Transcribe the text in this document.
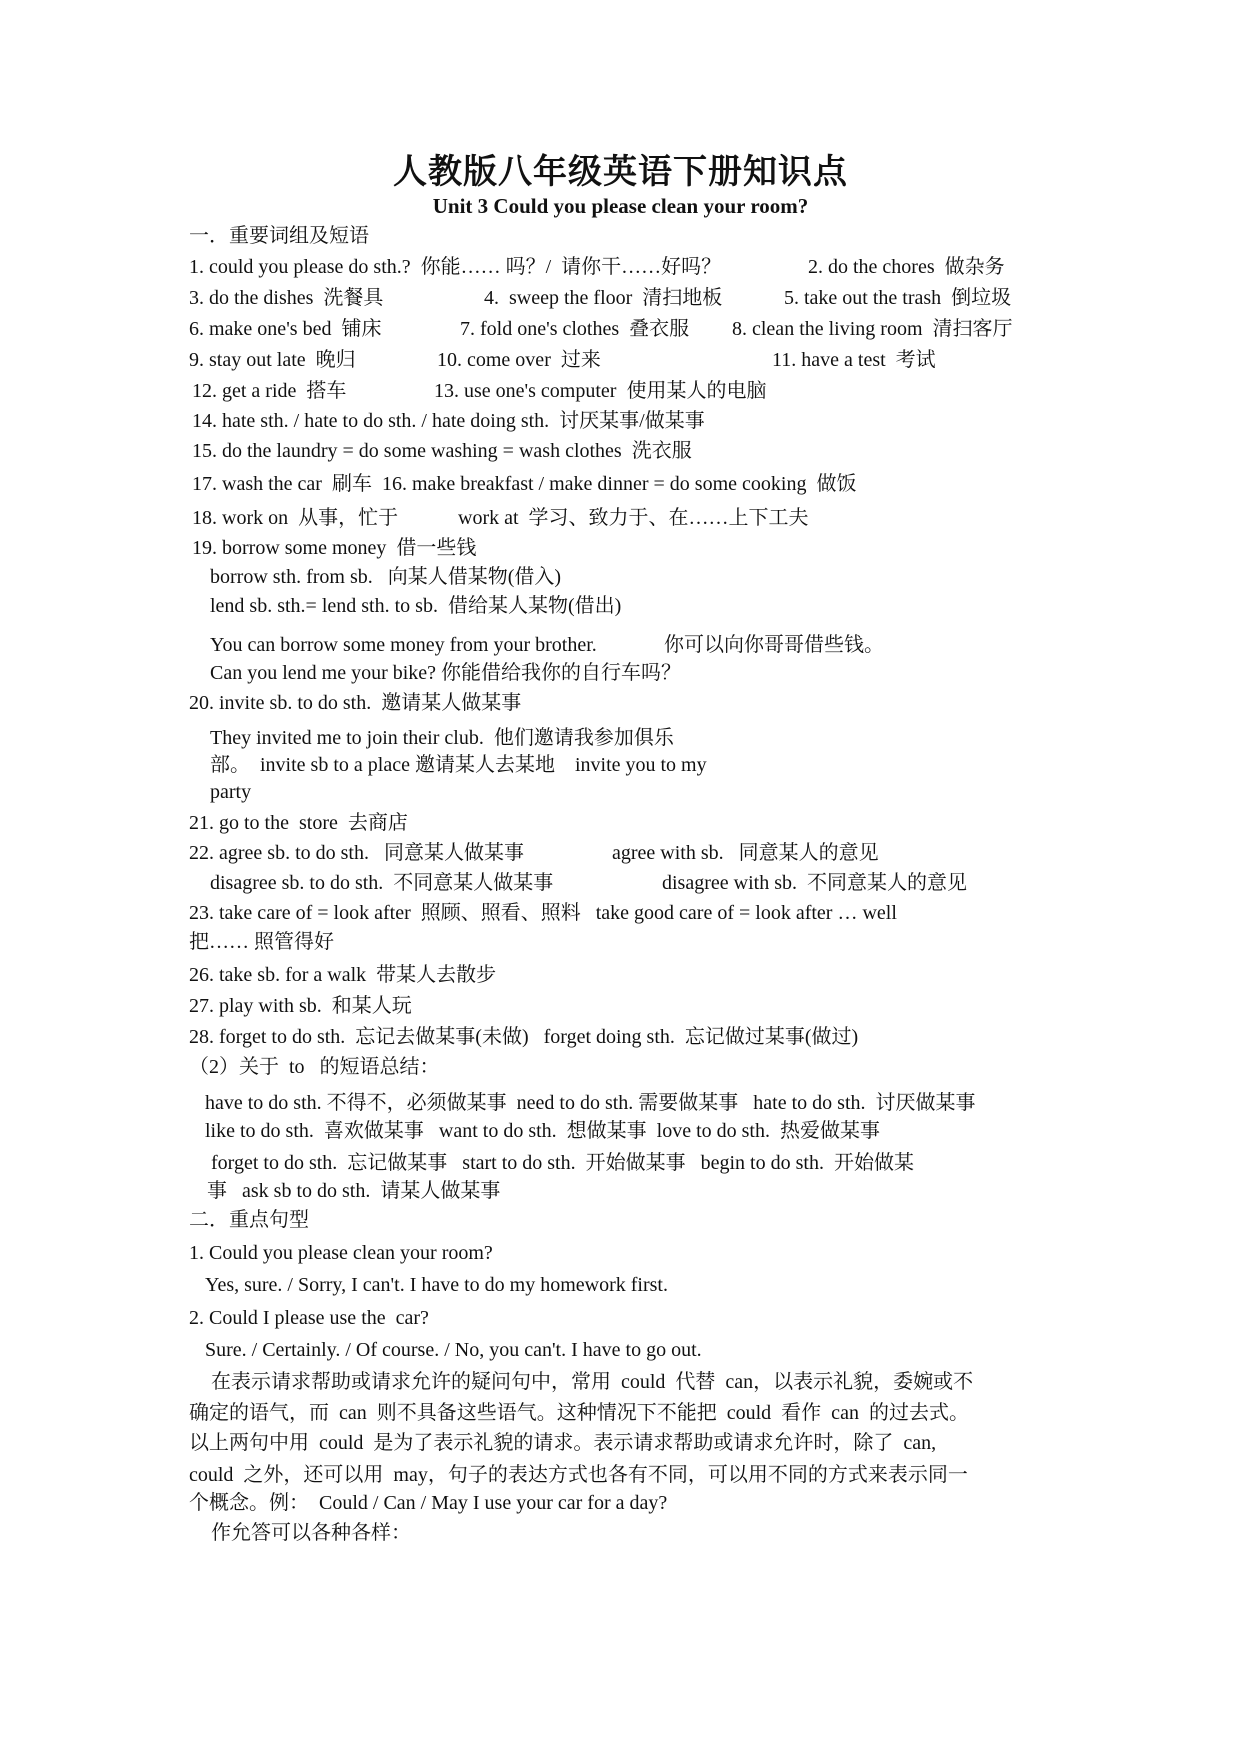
人教版八年级英语下册知识点
Unit 3 Could you please clean your room?
一．重要词组及短语
1. could you please do sth.?  你能…… 吗？/  请你干……好吗？	2. do the chores  做杂务
3. do the dishes  洗餐具	4.  sweep the floor  清扫地板	5. take out the trash  倒垃圾
6. make one's bed  铺床	7. fold one's clothes  叠衣服 8. clean the living room  清扫客厅
9. stay out late  晚归	10. come over  过来	11. have a test  考试
12. get a ride  搭车	13. use one's computer  使用某人的电脑
14. hate sth. / hate to do sth. / hate doing sth.  讨厌某事/做某事
15. do the laundry = do some washing = wash clothes  洗衣服
17. wash the car  刷车  16. make breakfast / make dinner = do some cooking  做饭
18. work on  从事，忙于	work at  学习、致力于、在……上下工夫
19. borrow some money  借一些钱
borrow sth. from sb.   向某人借某物(借入)
lend sb. sth.= lend sth. to sb.  借给某人某物(借出)
You can borrow some money from your brother.	你可以向你哥哥借些钱。
Can you lend me your bike? 你能借给我你的自行车吗？
20. invite sb. to do sth.  邀请某人做某事
They invited me to join their club.  他们邀请我参加俱乐
部。  invite sb to a place 邀请某人去某地    invite you to my
party
21. go to the  store  去商店
22. agree sb. to do sth.   同意某人做某事	agree with sb.   同意某人的意见
disagree sb. to do sth.  不同意某人做某事	disagree with sb.  不同意某人的意见
23. take care of = look after  照顾、照看、照料   take good care of = look after … well
把…… 照管得好
26. take sb. for a walk  带某人去散步
27. play with sb.  和某人玩
28. forget to do sth.  忘记去做某事(未做)   forget doing sth.  忘记做过某事(做过)
（2）关于  to   的短语总结：
have to do sth. 不得不，必须做某事  need to do sth. 需要做某事   hate to do sth.  讨厌做某事
like to do sth.  喜欢做某事   want to do sth.  想做某事  love to do sth.  热爱做某事
forget to do sth.  忘记做某事   start to do sth.  开始做某事   begin to do sth.  开始做某
事   ask sb to do sth.  请某人做某事
二．重点句型
1. Could you please clean your room?
Yes, sure. / Sorry, I can't. I have to do my homework first.
2. Could I please use the  car?
Sure. / Certainly. / Of course. / No, you can't. I have to go out.
在表示请求帮助或请求允许的疑问句中，常用  could  代替  can，以表示礼貌，委婉或不
确定的语气，而  can  则不具备这些语气。这种情况下不能把  could  看作  can  的过去式。
以上两句中用  could  是为了表示礼貌的请求。表示请求帮助或请求允许时，除了  can,
could  之外，还可以用  may，句子的表达方式也各有不同，可以用不同的方式来表示同一
个概念。例：  Could / Can / May I use your car for a day?
作允答可以各种各样：
